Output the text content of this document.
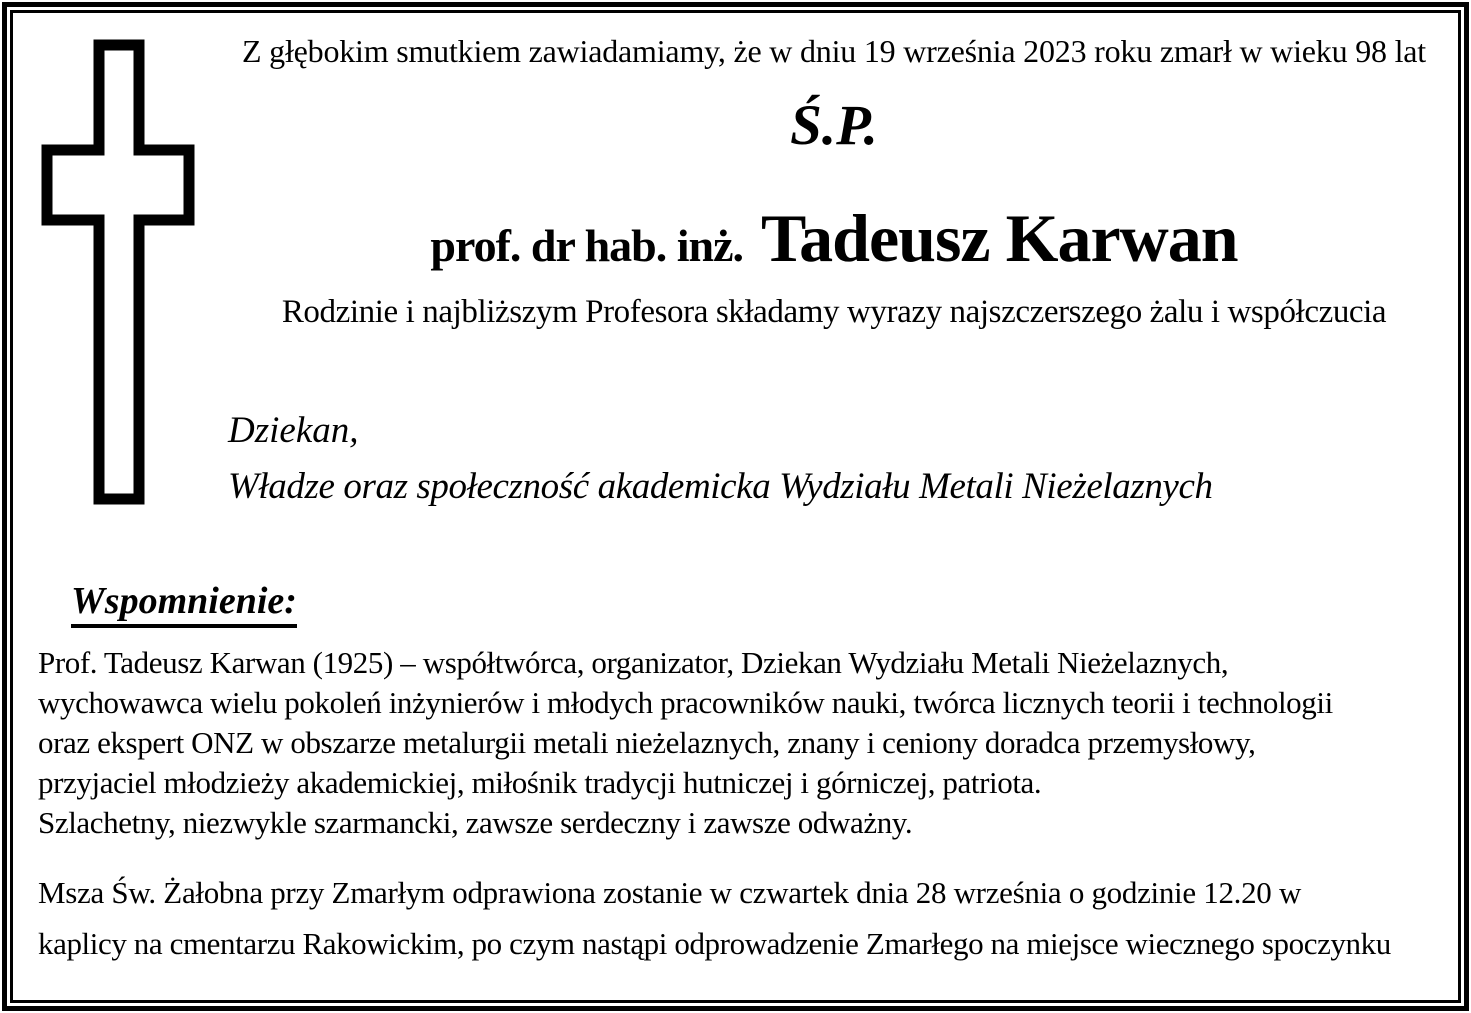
Z głębokim smutkiem zawiadamiamy, że w dniu 19 września 2023 roku zmarł w wieku 98 lat
Ś.P.
prof. dr hab. inż. Tadeusz Karwan
Rodzinie i najbliższym Profesora składamy wyrazy najszczerszego żalu i współczucia
Dziekan,
Władze oraz społeczność akademicka Wydziału Metali Nieżelaznych
Wspomnienie:
Prof. Tadeusz Karwan (1925) – współtwórca, organizator, Dziekan Wydziału Metali Nieżelaznych,
wychowawca wielu pokoleń inżynierów i młodych pracowników nauki, twórca licznych teorii i technologii
oraz ekspert ONZ w obszarze metalurgii metali nieżelaznych, znany i ceniony doradca przemysłowy,
przyjaciel młodzieży akademickiej, miłośnik tradycji hutniczej i górniczej, patriota.
Szlachetny, niezwykle szarmancki, zawsze serdeczny i zawsze odważny.
Msza Św. Żałobna przy Zmarłym odprawiona zostanie w czwartek dnia 28 września o godzinie 12.20 w
kaplicy na cmentarzu Rakowickim, po czym nastąpi odprowadzenie Zmarłego na miejsce wiecznego spoczynku
